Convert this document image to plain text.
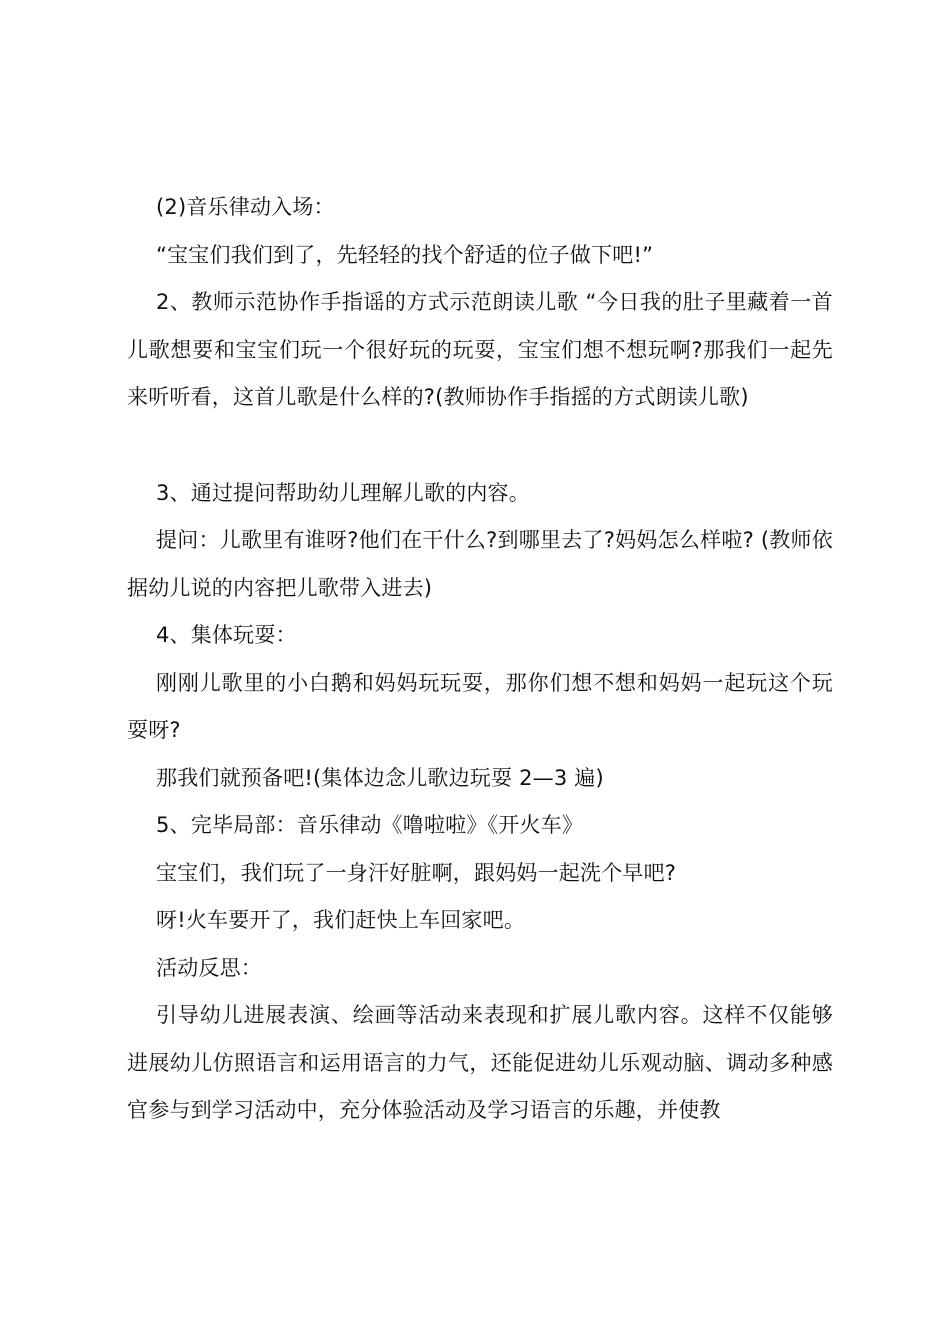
(2)音乐律动入场：

“宝宝们我们到了，先轻轻的找个舒适的位子做下吧!”

2、教师示范协作手指谣的方式示范朗读儿歌 “今日我的肚子里藏着一首儿歌想要和宝宝们玩一个很好玩的玩耍，宝宝们想不想玩啊?那我们一起先来听听看，这首儿歌是什么样的?(教师协作手指摇的方式朗读儿歌)

3、通过提问帮助幼儿理解儿歌的内容。

提问：儿歌里有谁呀?他们在干什么?到哪里去了?妈妈怎么样啦? (教师依据幼儿说的内容把儿歌带入进去)

4、集体玩耍：

刚刚儿歌里的小白鹅和妈妈玩玩耍，那你们想不想和妈妈一起玩这个玩耍呀?

那我们就预备吧!(集体边念儿歌边玩耍 2—3 遍)

5、完毕局部：音乐律动《噜啦啦》《开火车》

宝宝们，我们玩了一身汗好脏啊，跟妈妈一起洗个早吧?

呀!火车要开了，我们赶快上车回家吧。

活动反思：

引导幼儿进展表演、绘画等活动来表现和扩展儿歌内容。这样不仅能够进展幼儿仿照语言和运用语言的力气，还能促进幼儿乐观动脑、调动多种感官参与到学习活动中，充分体验活动及学习语言的乐趣，并使教
